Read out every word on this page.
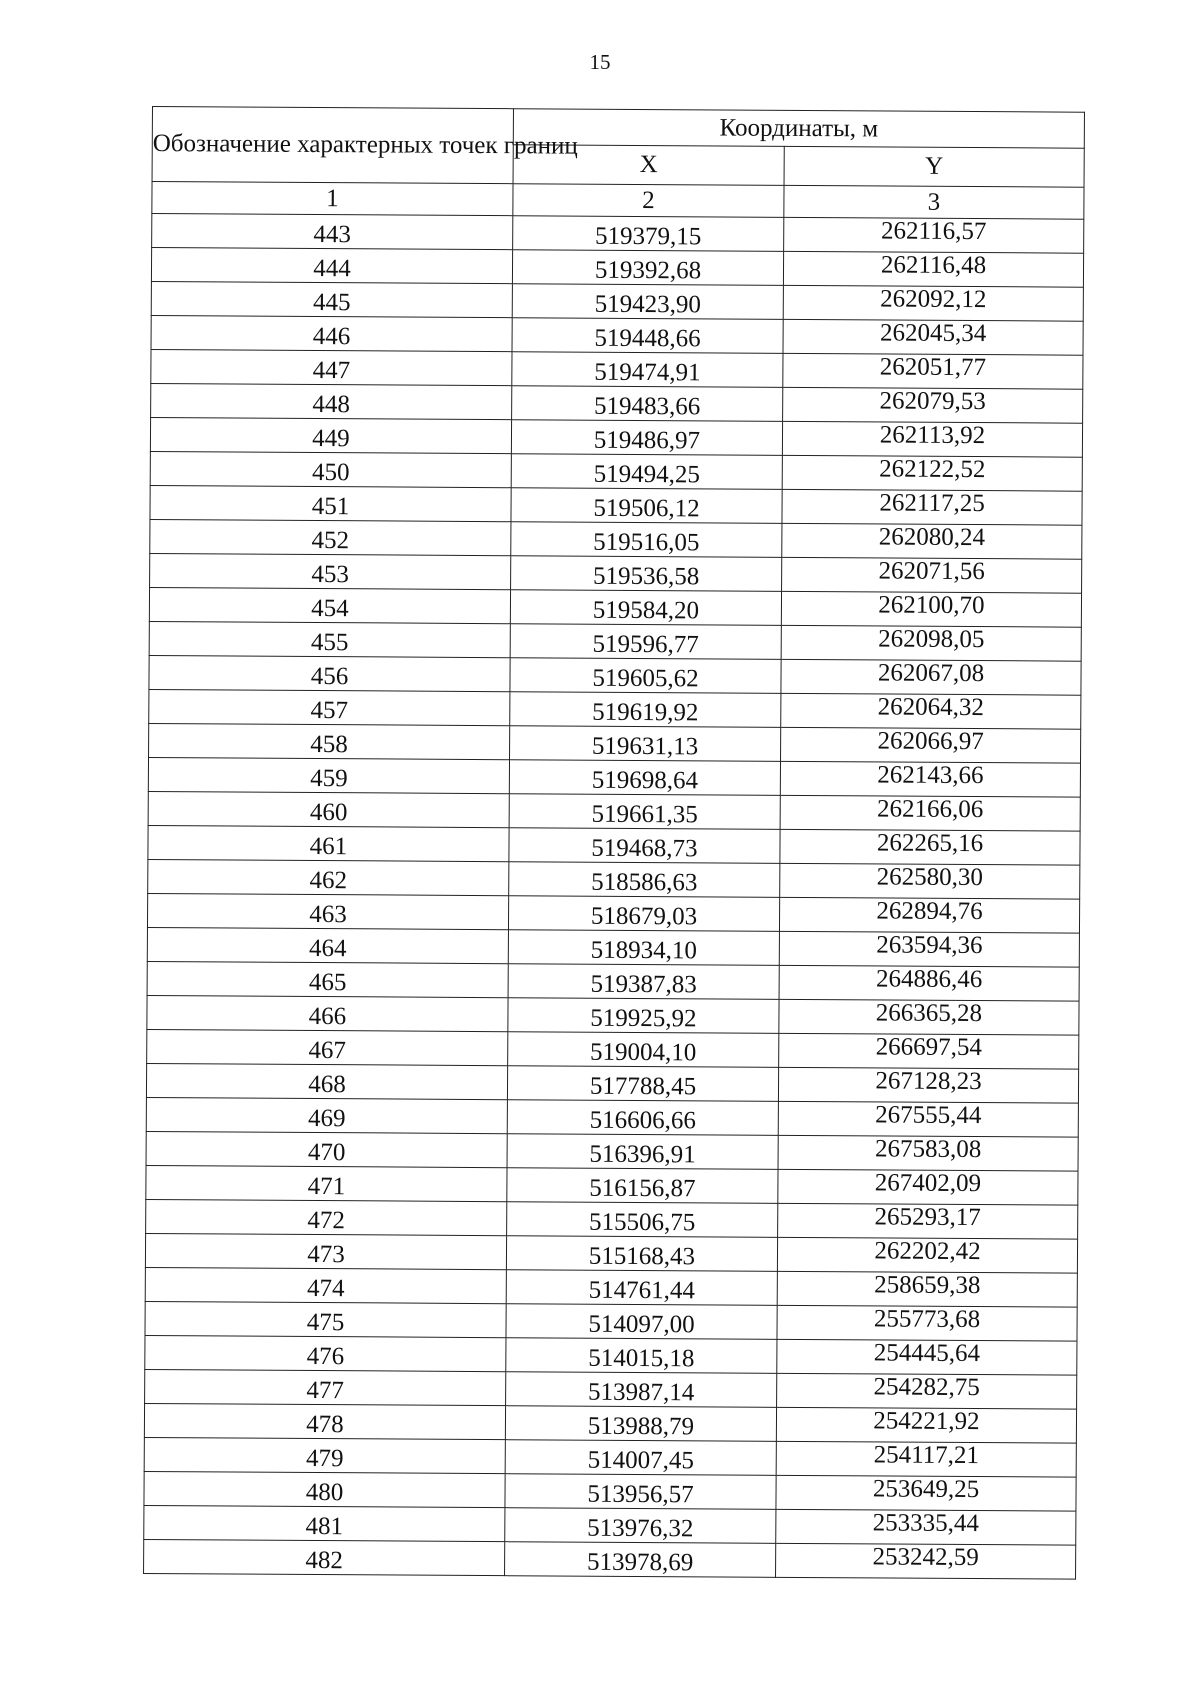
15
Обозначение характерных точек границ	Координаты, м	
	X	Y
1	2	3
443	519379,15	262116,57
444	519392,68	262116,48
445	519423,90	262092,12
446	519448,66	262045,34
447	519474,91	262051,77
448	519483,66	262079,53
449	519486,97	262113,92
450	519494,25	262122,52
451	519506,12	262117,25
452	519516,05	262080,24
453	519536,58	262071,56
454	519584,20	262100,70
455	519596,77	262098,05
456	519605,62	262067,08
457	519619,92	262064,32
458	519631,13	262066,97
459	519698,64	262143,66
460	519661,35	262166,06
461	519468,73	262265,16
462	518586,63	262580,30
463	518679,03	262894,76
464	518934,10	263594,36
465	519387,83	264886,46
466	519925,92	266365,28
467	519004,10	266697,54
468	517788,45	267128,23
469	516606,66	267555,44
470	516396,91	267583,08
471	516156,87	267402,09
472	515506,75	265293,17
473	515168,43	262202,42
474	514761,44	258659,38
475	514097,00	255773,68
476	514015,18	254445,64
477	513987,14	254282,75
478	513988,79	254221,92
479	514007,45	254117,21
480	513956,57	253649,25
481	513976,32	253335,44
482	513978,69	253242,59
